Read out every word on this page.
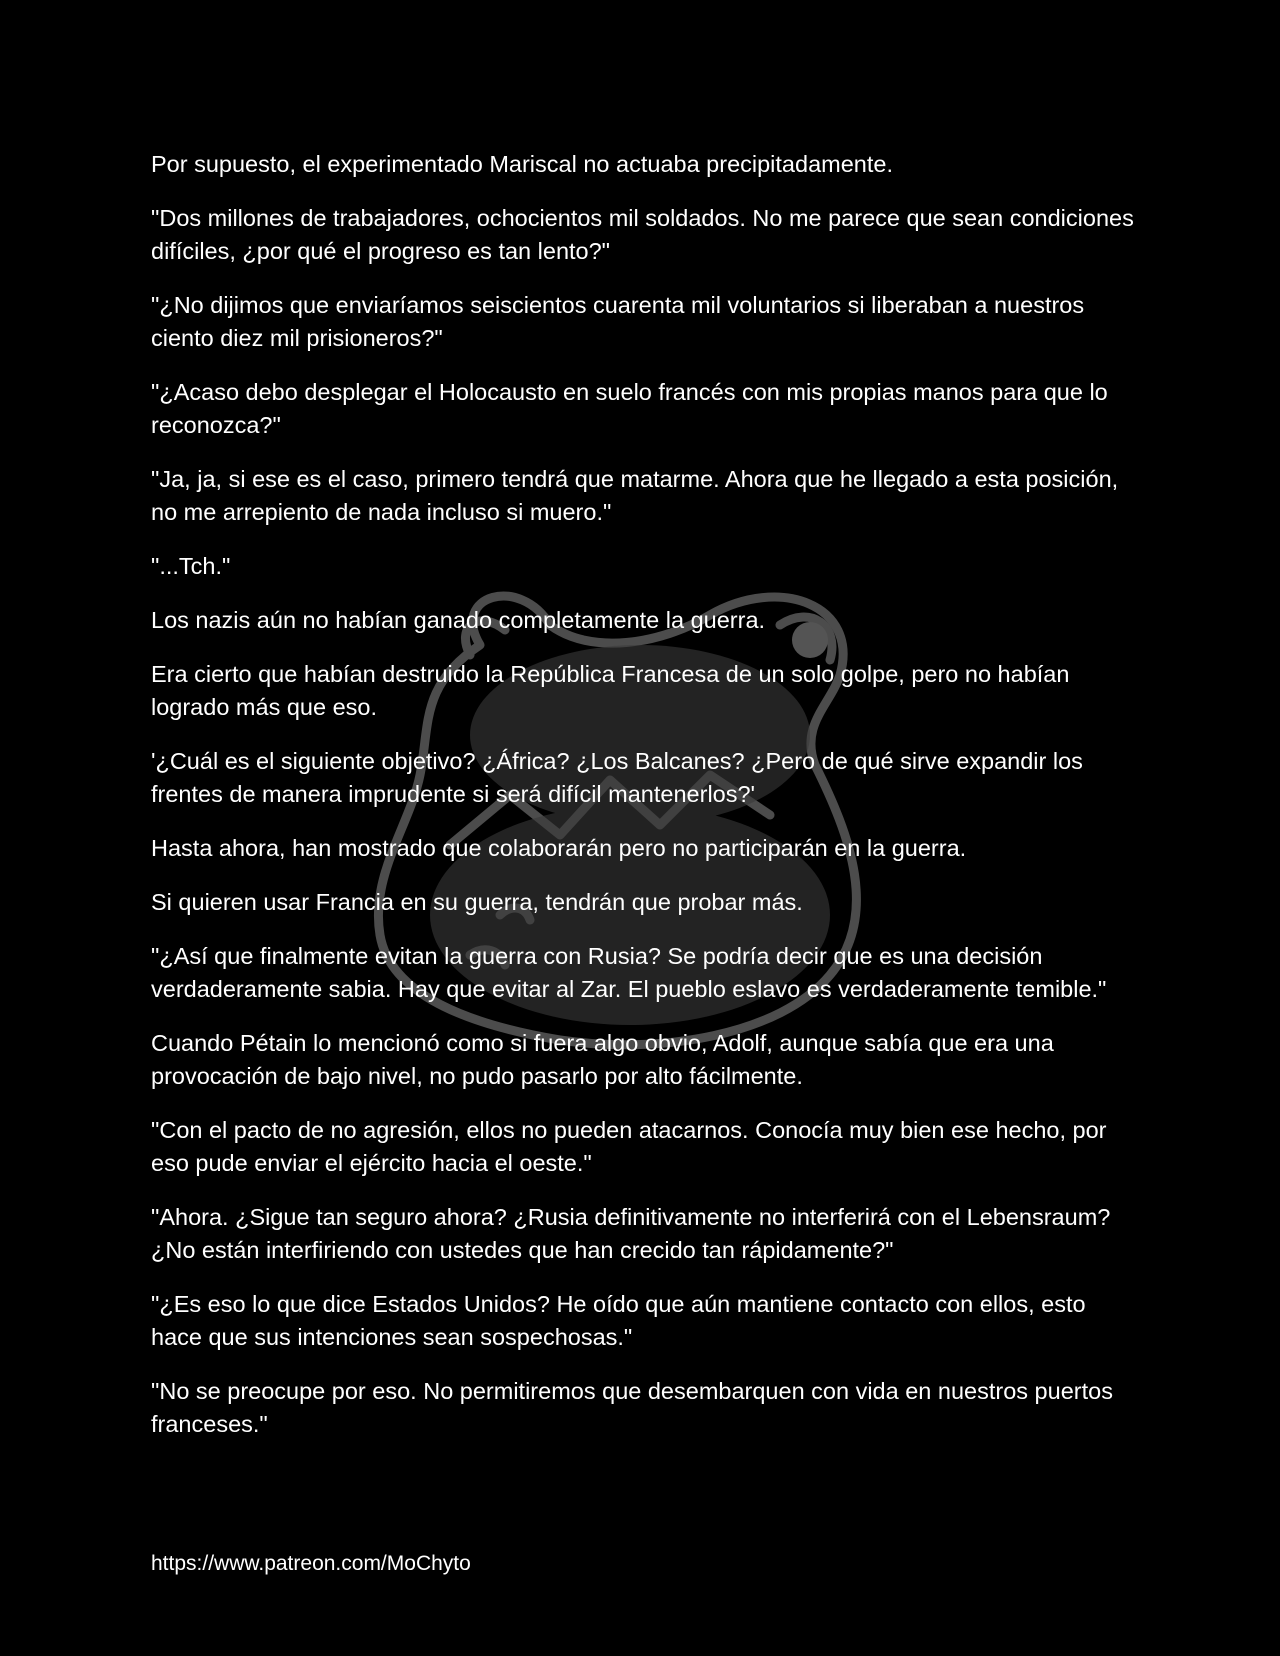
Por supuesto, el experimentado Mariscal no actuaba precipitadamente.

"Dos millones de trabajadores, ochocientos mil soldados. No me parece que sean condiciones difíciles, ¿por qué el progreso es tan lento?"

"¿No dijimos que enviaríamos seiscientos cuarenta mil voluntarios si liberaban a nuestros ciento diez mil prisioneros?"

"¿Acaso debo desplegar el Holocausto en suelo francés con mis propias manos para que lo reconozca?"

"Ja, ja, si ese es el caso, primero tendrá que matarme. Ahora que he llegado a esta posición, no me arrepiento de nada incluso si muero."

"...Tch."

Los nazis aún no habían ganado completamente la guerra.

Era cierto que habían destruido la República Francesa de un solo golpe, pero no habían logrado más que eso.

'¿Cuál es el siguiente objetivo? ¿África? ¿Los Balcanes? ¿Pero de qué sirve expandir los frentes de manera imprudente si será difícil mantenerlos?'

Hasta ahora, han mostrado que colaborarán pero no participarán en la guerra.

Si quieren usar Francia en su guerra, tendrán que probar más.

"¿Así que finalmente evitan la guerra con Rusia? Se podría decir que es una decisión verdaderamente sabia. Hay que evitar al Zar. El pueblo eslavo es verdaderamente temible."

Cuando Pétain lo mencionó como si fuera algo obvio, Adolf, aunque sabía que era una provocación de bajo nivel, no pudo pasarlo por alto fácilmente.

"Con el pacto de no agresión, ellos no pueden atacarnos. Conocía muy bien ese hecho, por eso pude enviar el ejército hacia el oeste."

"Ahora. ¿Sigue tan seguro ahora? ¿Rusia definitivamente no interferirá con el Lebensraum? ¿No están interfiriendo con ustedes que han crecido tan rápidamente?"

"¿Es eso lo que dice Estados Unidos? He oído que aún mantiene contacto con ellos, esto hace que sus intenciones sean sospechosas."

"No se preocupe por eso. No permitiremos que desembarquen con vida en nuestros puertos franceses."

https://www.patreon.com/MoChyto
